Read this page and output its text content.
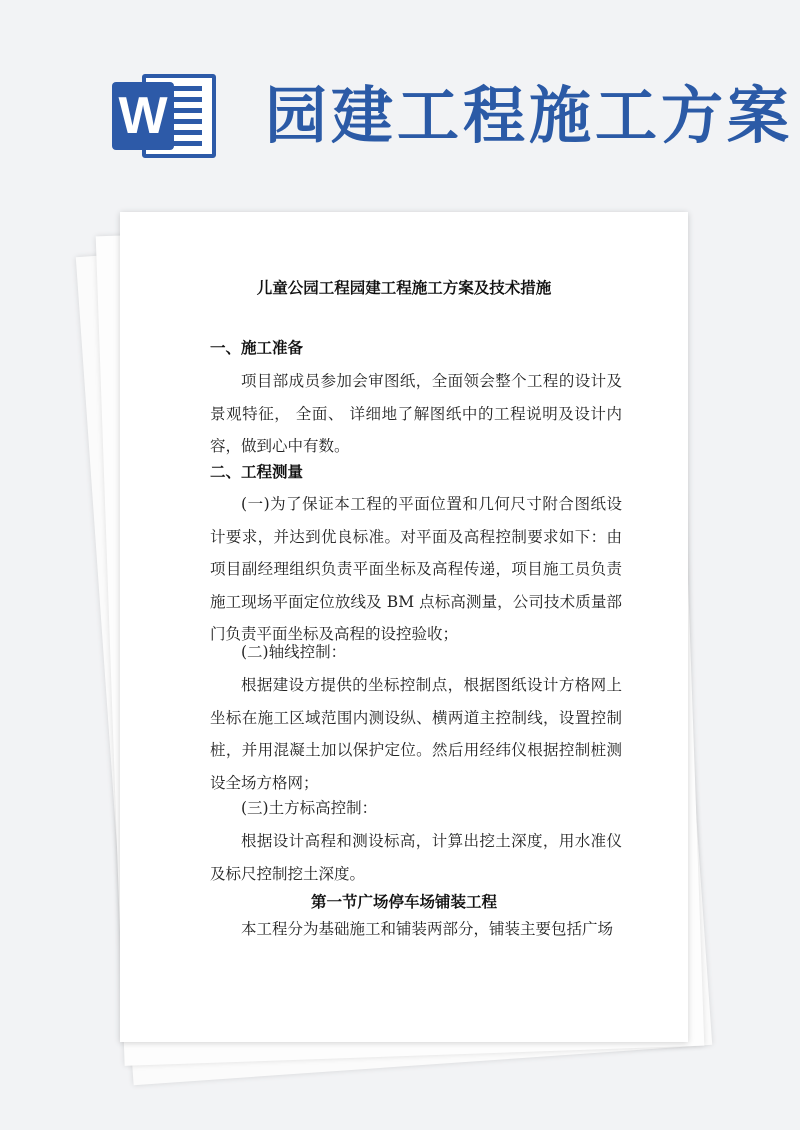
W 园建工程施工方案
儿童公园工程园建工程施工方案及技术措施
一、施工准备
项目部成员参加会审图纸，全面领会整个工程的设计及景观特征， 全面、 详细地了解图纸中的工程说明及设计内容，做到心中有数。
二、工程测量
(一)为了保证本工程的平面位置和几何尺寸附合图纸设计要求，并达到优良标准。对平面及高程控制要求如下：由项目副经理组织负责平面坐标及高程传递，项目施工员负责施工现场平面定位放线及 BM 点标高测量，公司技术质量部门负责平面坐标及高程的设控验收；
(二)轴线控制：
根据建设方提供的坐标控制点，根据图纸设计方格网上坐标在施工区域范围内测设纵、横两道主控制线，设置控制桩，并用混凝土加以保护定位。然后用经纬仪根据控制桩测设全场方格网；
(三)土方标高控制：
根据设计高程和测设标高，计算出挖土深度，用水准仪及标尺控制挖土深度。
第一节广场停车场铺装工程
本工程分为基础施工和铺装两部分，铺装主要包括广场
